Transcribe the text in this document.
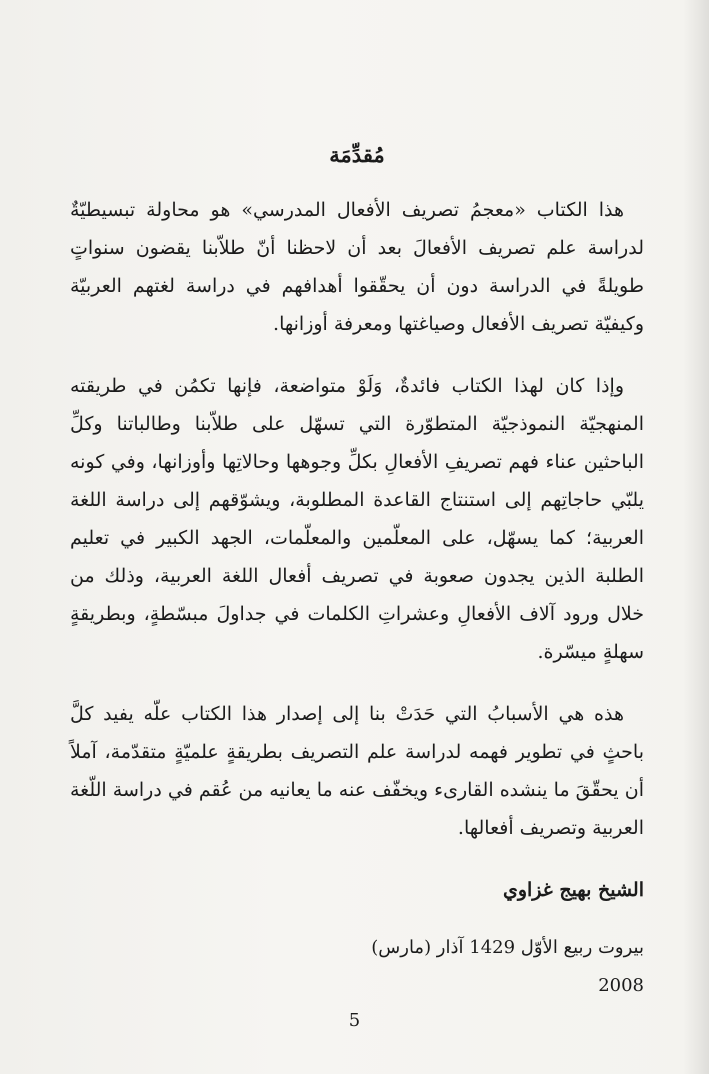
مُقدِّمَة

هذا الكتاب «معجمُ تصريف الأفعال المدرسي» هو محاولة تبسيطيّةٌ لدراسة علم تصريف الأفعالَ بعد أن لاحظنا أنّ طلاّبنا يقضون سنواتٍ طويلةً في الدراسة دون أن يحقّقوا أهدافهم في دراسة لغتهم العربيّة وكيفيّة تصريف الأفعال وصياغتها ومعرفة أوزانها.

وإذا كان لهذا الكتاب فائدةٌ، وَلَوْ متواضعة، فإنها تكمُن في طريقته المنهجيّة النموذجيّة المتطوّرة التي تسهّل على طلاّبنا وطالباتنا وكلِّ الباحثين عناء فهم تصريفِ الأفعالِ بكلِّ وجوهها وحالاتِها وأوزانها، وفي كونه يلبّي حاجاتِهم إلى استنتاج القاعدة المطلوبة، ويشوّقهم إلى دراسة اللغة العربية؛ كما يسهّل، على المعلّمين والمعلّمات، الجهد الكبير في تعليم الطلبة الذين يجدون صعوبة في تصريف أفعال اللغة العربية، وذلك من خلال ورود آلاف الأفعالِ وعشراتِ الكلمات في جداولَ مبسّطةٍ، وبطريقةٍ سهلةٍ ميسّرة.

هذه هي الأسبابُ التي حَدَتْ بنا إلى إصدار هذا الكتاب علّه يفيد كلَّ باحثٍ في تطوير فهمه لدراسة علم التصريف بطريقةٍ علميّةٍ متقدّمة، آملاً أن يحقّقَ ما ينشده القارىء ويخفّف عنه ما يعانيه من عُقم في دراسة اللّغة العربية وتصريف أفعالها.

الشيخ بهيج غزاوي
بيروت ربيع الأوّل 1429 آذار (مارس) 2008
5
